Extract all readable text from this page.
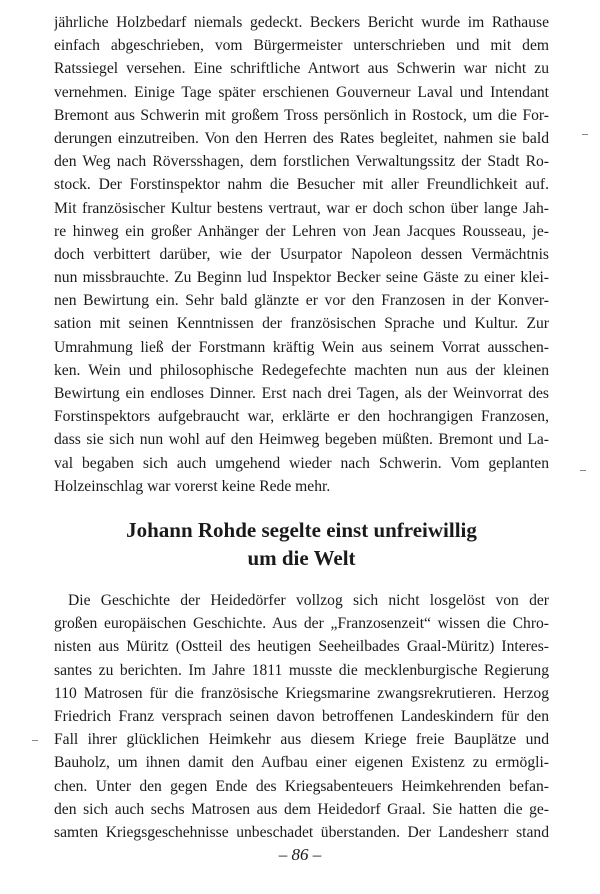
jährliche Holzbedarf niemals gedeckt. Beckers Bericht wurde im Rathause
einfach abgeschrieben, vom Bürgermeister unterschrieben und mit dem
Ratssiegel versehen. Eine schriftliche Antwort aus Schwerin war nicht zu
vernehmen. Einige Tage später erschienen Gouverneur Laval und Intendant
Bremont aus Schwerin mit großem Tross persönlich in Rostock, um die For-
derungen einzutreiben. Von den Herren des Rates begleitet, nahmen sie bald
den Weg nach Röversshagen, dem forstlichen Verwaltungssitz der Stadt Ro-
stock. Der Forstinspektor nahm die Besucher mit aller Freundlichkeit auf.
Mit französischer Kultur bestens vertraut, war er doch schon über lange Jah-
re hinweg ein großer Anhänger der Lehren von Jean Jacques Rousseau, je-
doch verbittert darüber, wie der Usurpator Napoleon dessen Vermächtnis
nun missbrauchte. Zu Beginn lud Inspektor Becker seine Gäste zu einer klei-
nen Bewirtung ein. Sehr bald glänzte er vor den Franzosen in der Konver-
sation mit seinen Kenntnissen der französischen Sprache und Kultur. Zur
Umrahmung ließ der Forstmann kräftig Wein aus seinem Vorrat ausschen-
ken. Wein und philosophische Redegefechte machten nun aus der kleinen
Bewirtung ein endloses Dinner. Erst nach drei Tagen, als der Weinvorrat des
Forstinspektors aufgebraucht war, erklärte er den hochrangigen Franzosen,
dass sie sich nun wohl auf den Heimweg begeben müßten. Bremont und La-
val begaben sich auch umgehend wieder nach Schwerin. Vom geplanten
Holzeinschlag war vorerst keine Rede mehr.
Johann Rohde segelte einst unfreiwillig
um die Welt
Die Geschichte der Heidedörfer vollzog sich nicht losgelöst von der
großen europäischen Geschichte. Aus der „Franzosenzeit“ wissen die Chro-
nisten aus Müritz (Ostteil des heutigen Seeheilbades Graal-Müritz) Interes-
santes zu berichten. Im Jahre 1811 musste die mecklenburgische Regierung
110 Matrosen für die französische Kriegsmarine zwangsrekrutieren. Herzog
Friedrich Franz versprach seinen davon betroffenen Landeskindern für den
Fall ihrer glücklichen Heimkehr aus diesem Kriege freie Bauplätze und
Bauholz, um ihnen damit den Aufbau einer eigenen Existenz zu ermögli-
chen. Unter den gegen Ende des Kriegsabenteuers Heimkehrenden befan-
den sich auch sechs Matrosen aus dem Heidedorf Graal. Sie hatten die ge-
samten Kriegsgeschehnisse unbeschadet überstanden. Der Landesherr stand
– 86 –
